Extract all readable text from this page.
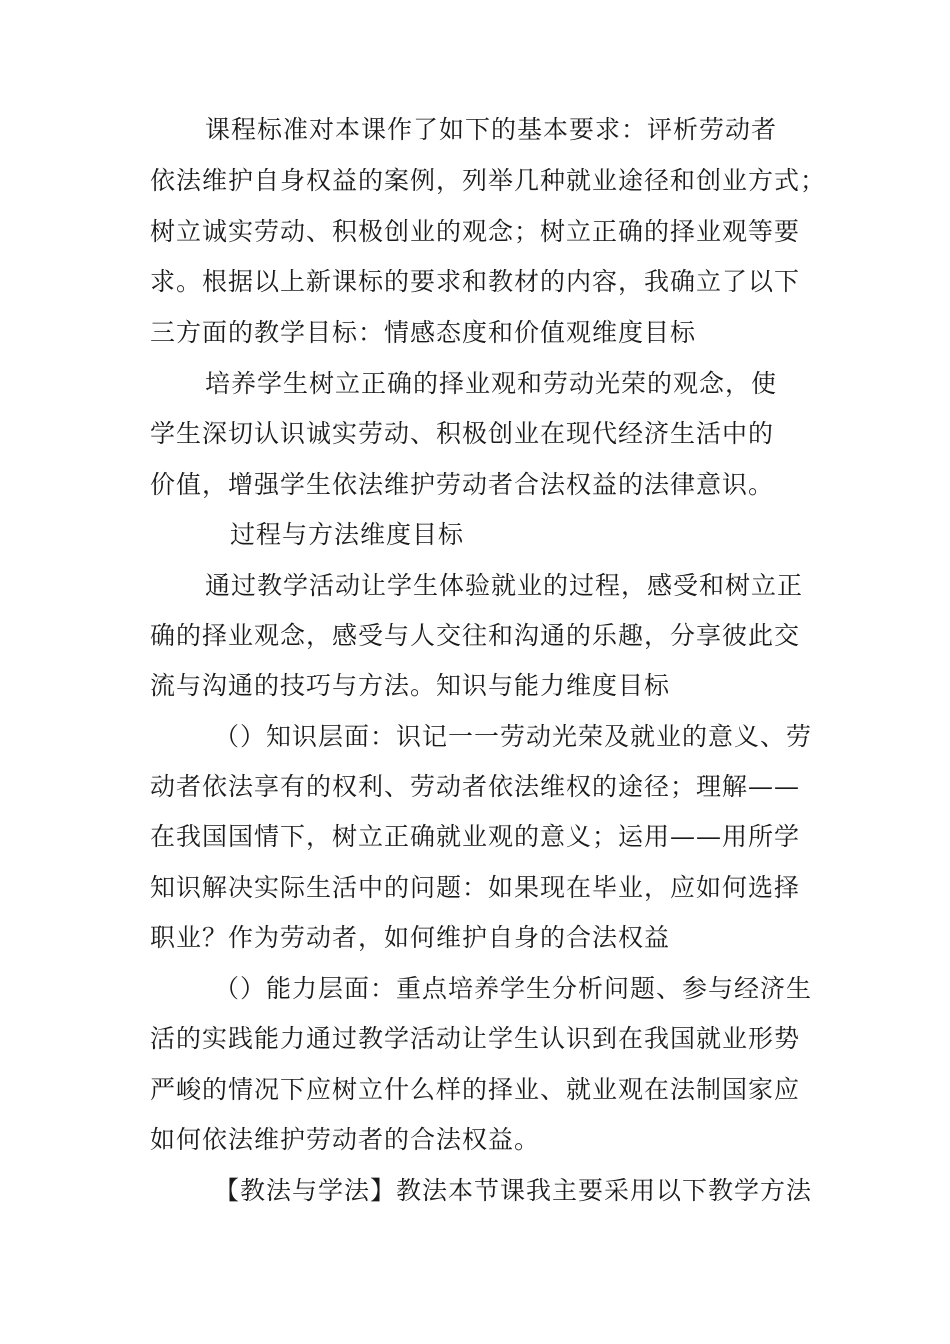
课程标准对本课作了如下的基本要求：评析劳动者
依法维护自身权益的案例，列举几种就业途径和创业方式；
树立诚实劳动、积极创业的观念；树立正确的择业观等要
求。根据以上新课标的要求和教材的内容，我确立了以下
三方面的教学目标：情感态度和价值观维度目标
培养学生树立正确的择业观和劳动光荣的观念，使
学生深切认识诚实劳动、积极创业在现代经济生活中的
价值，增强学生依法维护劳动者合法权益的法律意识。
过程与方法维度目标
通过教学活动让学生体验就业的过程，感受和树立正
确的择业观念，感受与人交往和沟通的乐趣，分享彼此交
流与沟通的技巧与方法。知识与能力维度目标
（）知识层面：识记一一劳动光荣及就业的意义、劳
动者依法享有的权利、劳动者依法维权的途径；理解——
在我国国情下，树立正确就业观的意义；运用——用所学
知识解决实际生活中的问题：如果现在毕业，应如何选择
职业？作为劳动者，如何维护自身的合法权益
（）能力层面：重点培养学生分析问题、参与经济生
活的实践能力通过教学活动让学生认识到在我国就业形势
严峻的情况下应树立什么样的择业、就业观在法制国家应
如何依法维护劳动者的合法权益。
【教法与学法】教法本节课我主要采用以下教学方法
